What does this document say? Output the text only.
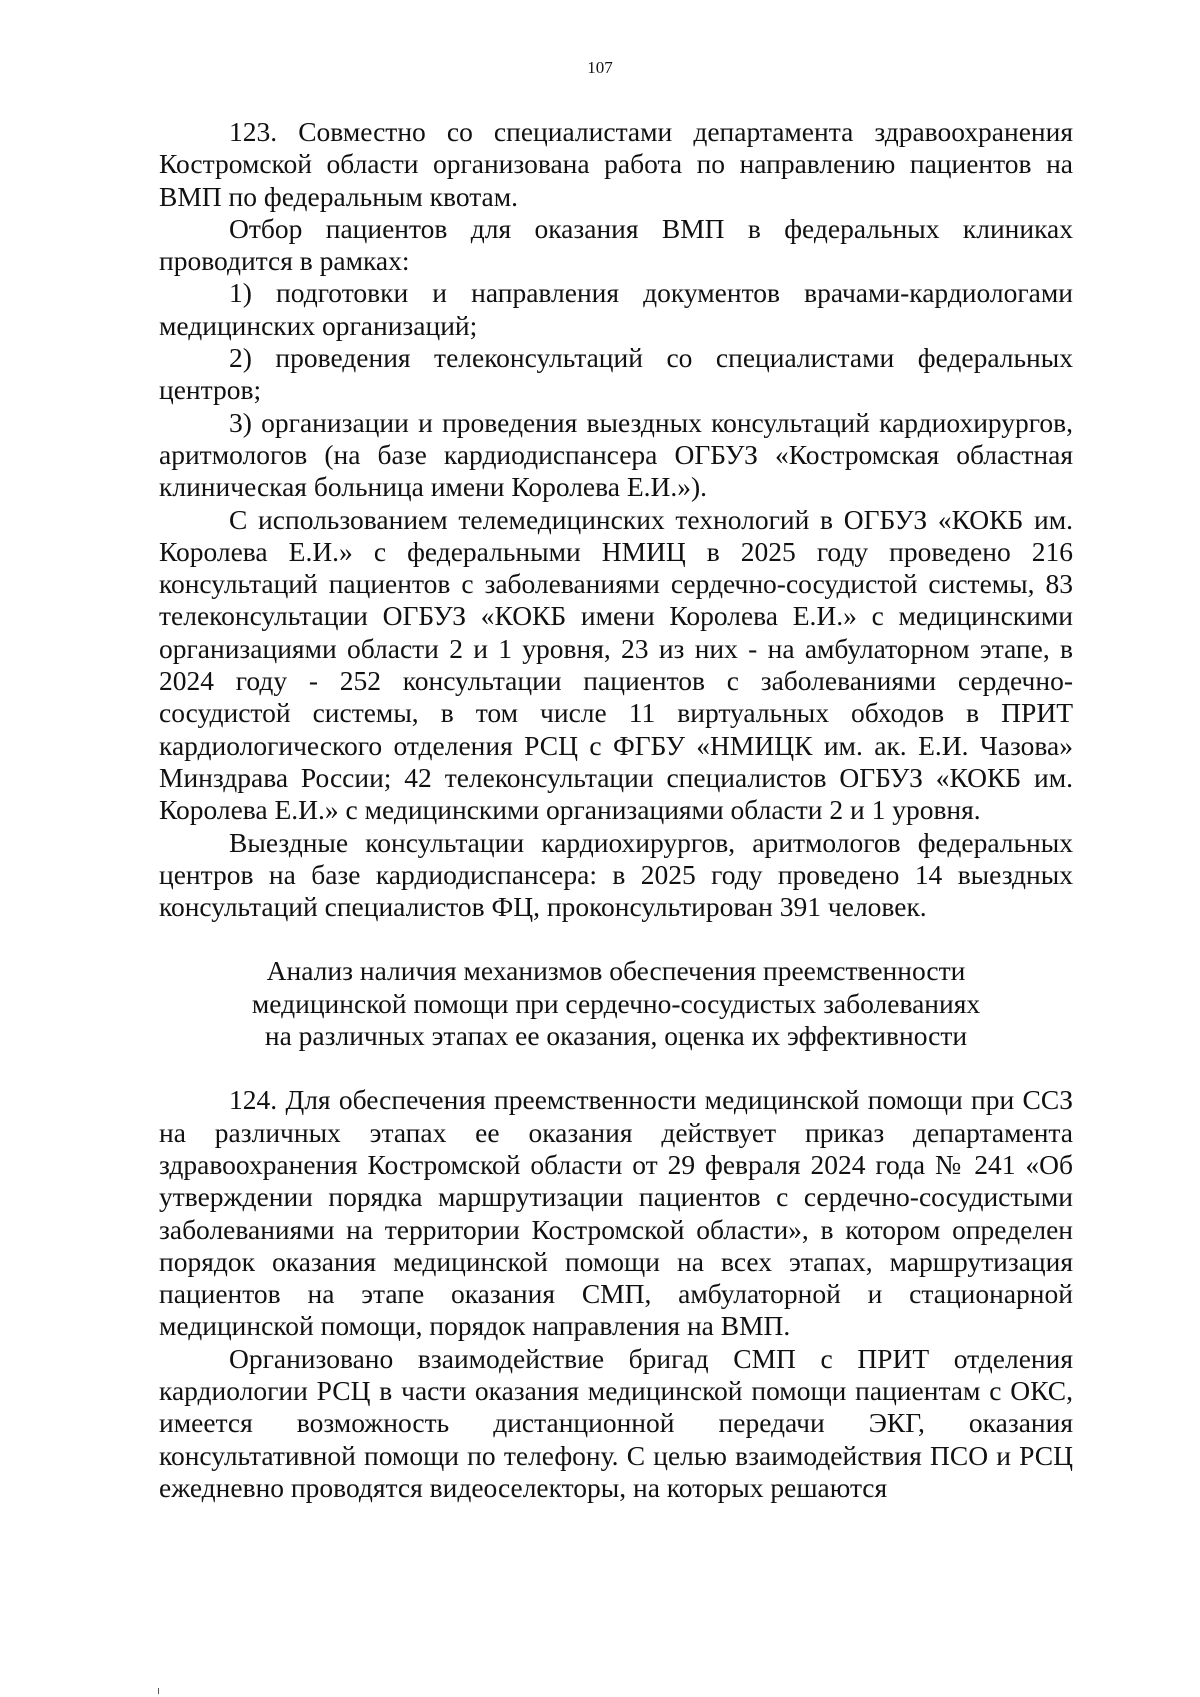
107

123. Совместно со специалистами департамента здравоохранения Костромской области организована работа по направлению пациентов на ВМП по федеральным квотам.

Отбор пациентов для оказания ВМП в федеральных клиниках проводится в рамках:

1) подготовки и направления документов врачами-кардиологами медицинских организаций;

2) проведения телеконсультаций со специалистами федеральных центров;

3) организации и проведения выездных консультаций кардиохирургов, аритмологов (на базе кардиодиспансера ОГБУЗ «Костромская областная клиническая больница имени Королева Е.И.»).

С использованием телемедицинских технологий в ОГБУЗ «КОКБ им. Королева Е.И.» с федеральными НМИЦ в 2025 году проведено 216 консультаций пациентов с заболеваниями сердечно-сосудистой системы, 83 телеконсультации ОГБУЗ «КОКБ имени Королева Е.И.» с медицинскими организациями области 2 и 1 уровня, 23 из них - на амбулаторном этапе, в 2024 году - 252 консультации пациентов с заболеваниями сердечно-сосудистой системы, в том числе 11 виртуальных обходов в ПРИТ кардиологического отделения РСЦ с ФГБУ «НМИЦК им. ак. Е.И. Чазова» Минздрава России; 42 телеконсультации специалистов ОГБУЗ «КОКБ им. Королева Е.И.» с медицинскими организациями области 2 и 1 уровня.

Выездные консультации кардиохирургов, аритмологов федеральных центров на базе кардиодиспансера: в 2025 году проведено 14 выездных консультаций специалистов ФЦ, проконсультирован 391 человек.

Анализ наличия механизмов обеспечения преемственности
медицинской помощи при сердечно-сосудистых заболеваниях
на различных этапах ее оказания, оценка их эффективности

124. Для обеспечения преемственности медицинской помощи при ССЗ на различных этапах ее оказания действует приказ департамента здравоохранения Костромской области от 29 февраля 2024 года № 241 «Об утверждении порядка маршрутизации пациентов с сердечно-сосудистыми заболеваниями на территории Костромской области», в котором определен порядок оказания медицинской помощи на всех этапах, маршрутизация пациентов на этапе оказания СМП, амбулаторной и стационарной медицинской помощи, порядок направления на ВМП.

Организовано взаимодействие бригад СМП с ПРИТ отделения кардиологии РСЦ в части оказания медицинской помощи пациентам с ОКС, имеется возможность дистанционной передачи ЭКГ, оказания консультативной помощи по телефону. С целью взаимодействия ПСО и РСЦ ежедневно проводятся видеоселекторы, на которых решаются
